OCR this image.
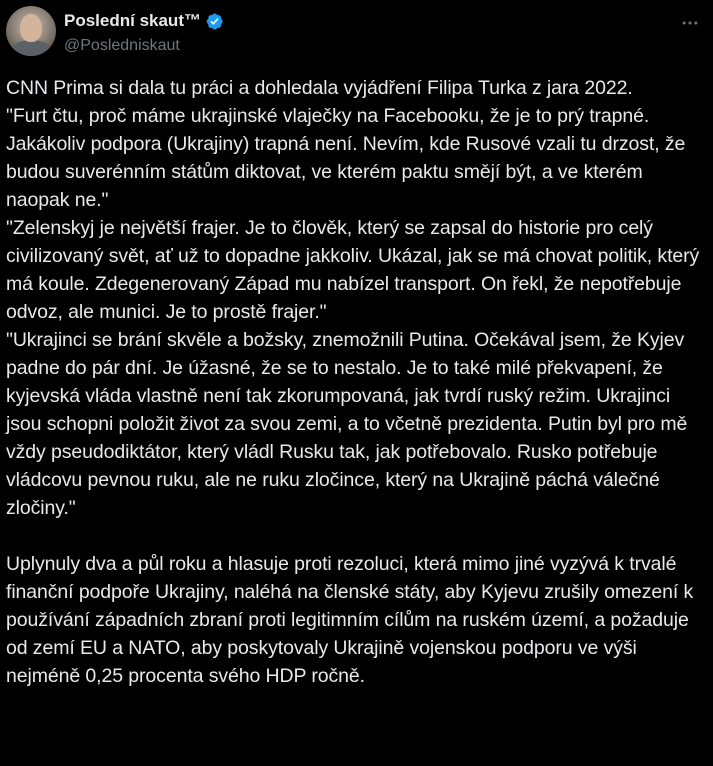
Poslední skaut™
@Posledniskaut

CNN Prima si dala tu práci a dohledala vyjádření Filipa Turka z jara 2022.
"Furt čtu, proč máme ukrajinské vlaječky na Facebooku, že je to prý trapné. Jakákoliv podpora (Ukrajiny) trapná není. Nevím, kde Rusové vzali tu drzost, že budou suverénním státům diktovat, ve kterém paktu smějí být, a ve kterém naopak ne."
"Zelenskyj je největší frajer. Je to člověk, který se zapsal do historie pro celý civilizovaný svět, ať už to dopadne jakkoliv. Ukázal, jak se má chovat politik, který má koule. Zdegenerovaný Západ mu nabízel transport. On řekl, že nepotřebuje odvoz, ale munici. Je to prostě frajer."
"Ukrajinci se brání skvěle a božsky, znemožnili Putina. Očekával jsem, že Kyjev padne do pár dní. Je úžasné, že se to nestalo. Je to také milé překvapení, že kyjevská vláda vlastně není tak zkorumpovaná, jak tvrdí ruský režim. Ukrajinci jsou schopni položit život za svou zemi, a to včetně prezidenta. Putin byl pro mě vždy pseudodiktátor, který vládl Rusku tak, jak potřebovalo. Rusko potřebuje vládcovu pevnou ruku, ale ne ruku zločince, který na Ukrajině páchá válečné zločiny."

Uplynuly dva a půl roku a hlasuje proti rezoluci, která mimo jiné vyzývá k trvalé finanční podpoře Ukrajiny, naléhá na členské státy, aby Kyjevu zrušily omezení k používání západních zbraní proti legitimním cílům na ruském území, a požaduje od zemí EU a NATO, aby poskytovaly Ukrajině vojenskou podporu ve výši nejméně 0,25 procenta svého HDP ročně.
